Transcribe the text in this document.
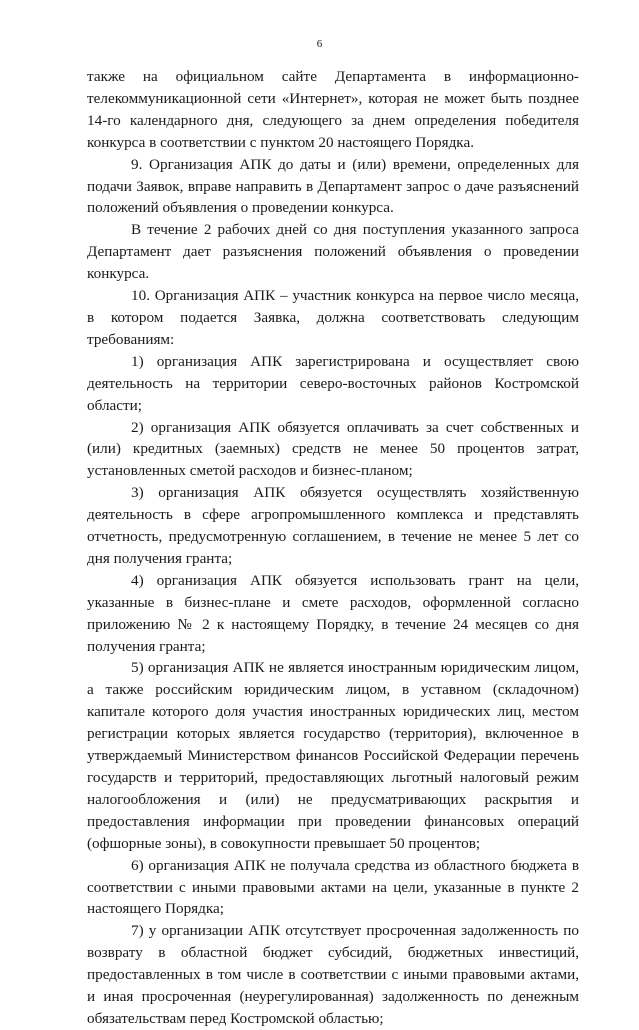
6

также на официальном сайте Департамента в информационно-телекоммуникационной сети «Интернет», которая не может быть позднее 14-го календарного дня, следующего за днем определения победителя конкурса в соответствии с пунктом 20 настоящего Порядка.

9. Организация АПК до даты и (или) времени, определенных для подачи Заявок, вправе направить в Департамент запрос о даче разъяснений положений объявления о проведении конкурса.

В течение 2 рабочих дней со дня поступления указанного запроса Департамент дает разъяснения положений объявления о проведении конкурса.

10. Организация АПК – участник конкурса на первое число месяца, в котором подается Заявка, должна соответствовать следующим требованиям:

1) организация АПК зарегистрирована и осуществляет свою деятельность на территории северо-восточных районов Костромской области;

2) организация АПК обязуется оплачивать за счет собственных и (или) кредитных (заемных) средств не менее 50 процентов затрат, установленных сметой расходов и бизнес-планом;

3) организация АПК обязуется осуществлять хозяйственную деятельность в сфере агропромышленного комплекса и представлять отчетность, предусмотренную соглашением, в течение не менее 5 лет со дня получения гранта;

4) организация АПК обязуется использовать грант на цели, указанные в бизнес-плане и смете расходов, оформленной согласно приложению № 2 к настоящему Порядку, в течение 24 месяцев со дня получения гранта;

5) организация АПК не является иностранным юридическим лицом, а также российским юридическим лицом, в уставном (складочном) капитале которого доля участия иностранных юридических лиц, местом регистрации которых является государство (территория), включенное в утверждаемый Министерством финансов Российской Федерации перечень государств и территорий, предоставляющих льготный налоговый режим налогообложения и (или) не предусматривающих раскрытия и предоставления информации при проведении финансовых операций (офшорные зоны), в совокупности превышает 50 процентов;

6) организация АПК не получала средства из областного бюджета в соответствии с иными правовыми актами на цели, указанные в пункте 2 настоящего Порядка;

7) у организации АПК отсутствует просроченная задолженность по возврату в областной бюджет субсидий, бюджетных инвестиций, предоставленных в том числе в соответствии с иными правовыми актами, и иная просроченная (неурегулированная) задолженность по денежным обязательствам перед Костромской областью;
